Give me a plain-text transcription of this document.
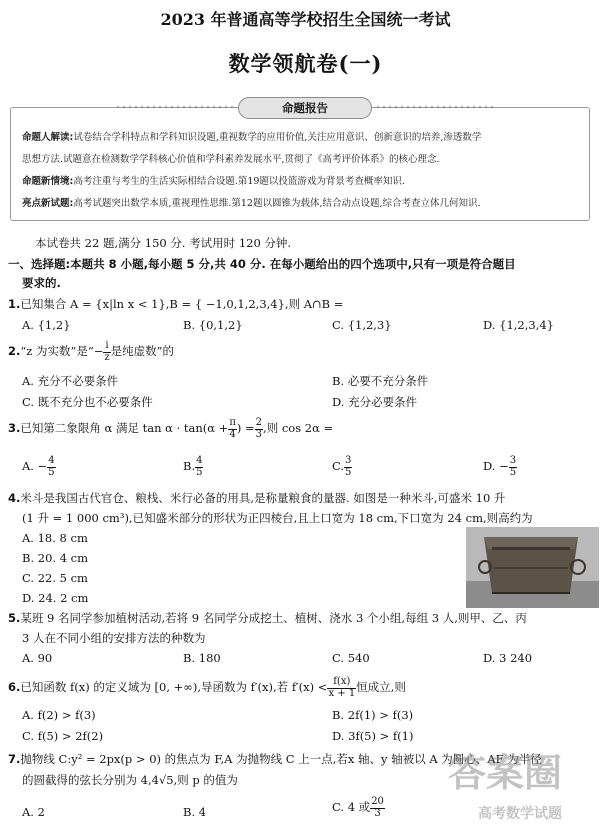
2023 年普通高等学校招生全国统一考试
数学领航卷(一)
命题报告
命题人解读:试卷结合学科特点和学科知识设题,重视数学的应用价值,关注应用意识、创新意识的培养,渗透数学
思想方法.试题意在检测数学学科核心价值和学科素养发展水平,贯彻了《高考评价体系》的核心理念.
命题新情境:高考注重与考生的生活实际相结合设题.第19题以投篮游戏为背景考查概率知识.
亮点新试题:高考试题突出数学本质,重视理性思维.第12题以圆锥为载体,结合动点设题,综合考查立体几何知识.
本试卷共 22 题,满分 150 分. 考试用时 120 分钟.
一、选择题:本题共 8 小题,每小题 5 分,共 40 分. 在每小题给出的四个选项中,只有一项是符合题目
要求的.
1.已知集合 A = {x|ln x < 1},B = { −1,0,1,2,3,4},则 A∩B =
A. {1,2}	B. {0,1,2}	C. {1,2,3}	D. {1,2,3,4}
2.“z 为实数”是“− $\frac{i}{z}$ 是纯虚数”的
A. 充分不必要条件	B. 必要不充分条件
C. 既不充分也不必要条件	D. 充分必要条件
3.已知第二象限角 α 满足 $\tan \alpha \cdot \tan(\alpha + \frac{\pi}{4}$ ) = $\frac{2}{3}$ ,则 cos 2α =
A. − $\frac{4}{5}$	B. $\frac{4}{5}$	C. $\frac{3}{5}$	D. − $\frac{3}{5}$
4.米斗是我国古代官仓、粮栈、米行必备的用具,是称量粮食的量器. 如图是一种米斗,可盛米 10 升
(1 升 = 1 000 cm³),已知盛米部分的形状为正四棱台,且上口宽为 18 cm,下口宽为 24 cm,则高约为
A. 18. 8 cm
B. 20. 4 cm
C. 22. 5 cm
D. 24. 2 cm
5.某班 9 名同学参加植树活动,若将 9 名同学分成挖土、植树、浇水 3 个小组,每组 3 人,则甲、乙、丙
3 人在不同小组的安排方法的种数为
A. 90	B. 180	C. 540	D. 3 240
6.已知函数 f(x) 的定义域为 [0, +∞),导函数为 f′(x),若 $f'(x) < \frac{f(x)}{x + 1}$ 恒成立,则
A. f(2) > f(3)	B. 2f(1) > f(3)
C. f(5) > 2f(2)	D. 3f(5) > f(1)
7.抛物线 C:y² = 2px(p > 0) 的焦点为 F,A 为抛物线 C 上一点,若x 轴、y 轴被以 A 为圆心、AF 为半径
的圆截得的弦长分别为 4,4√5,则 p 的值为
A. 2	B. 4	C. 4 或 $\frac{20}{3}$
答案圈
高考数学试题
